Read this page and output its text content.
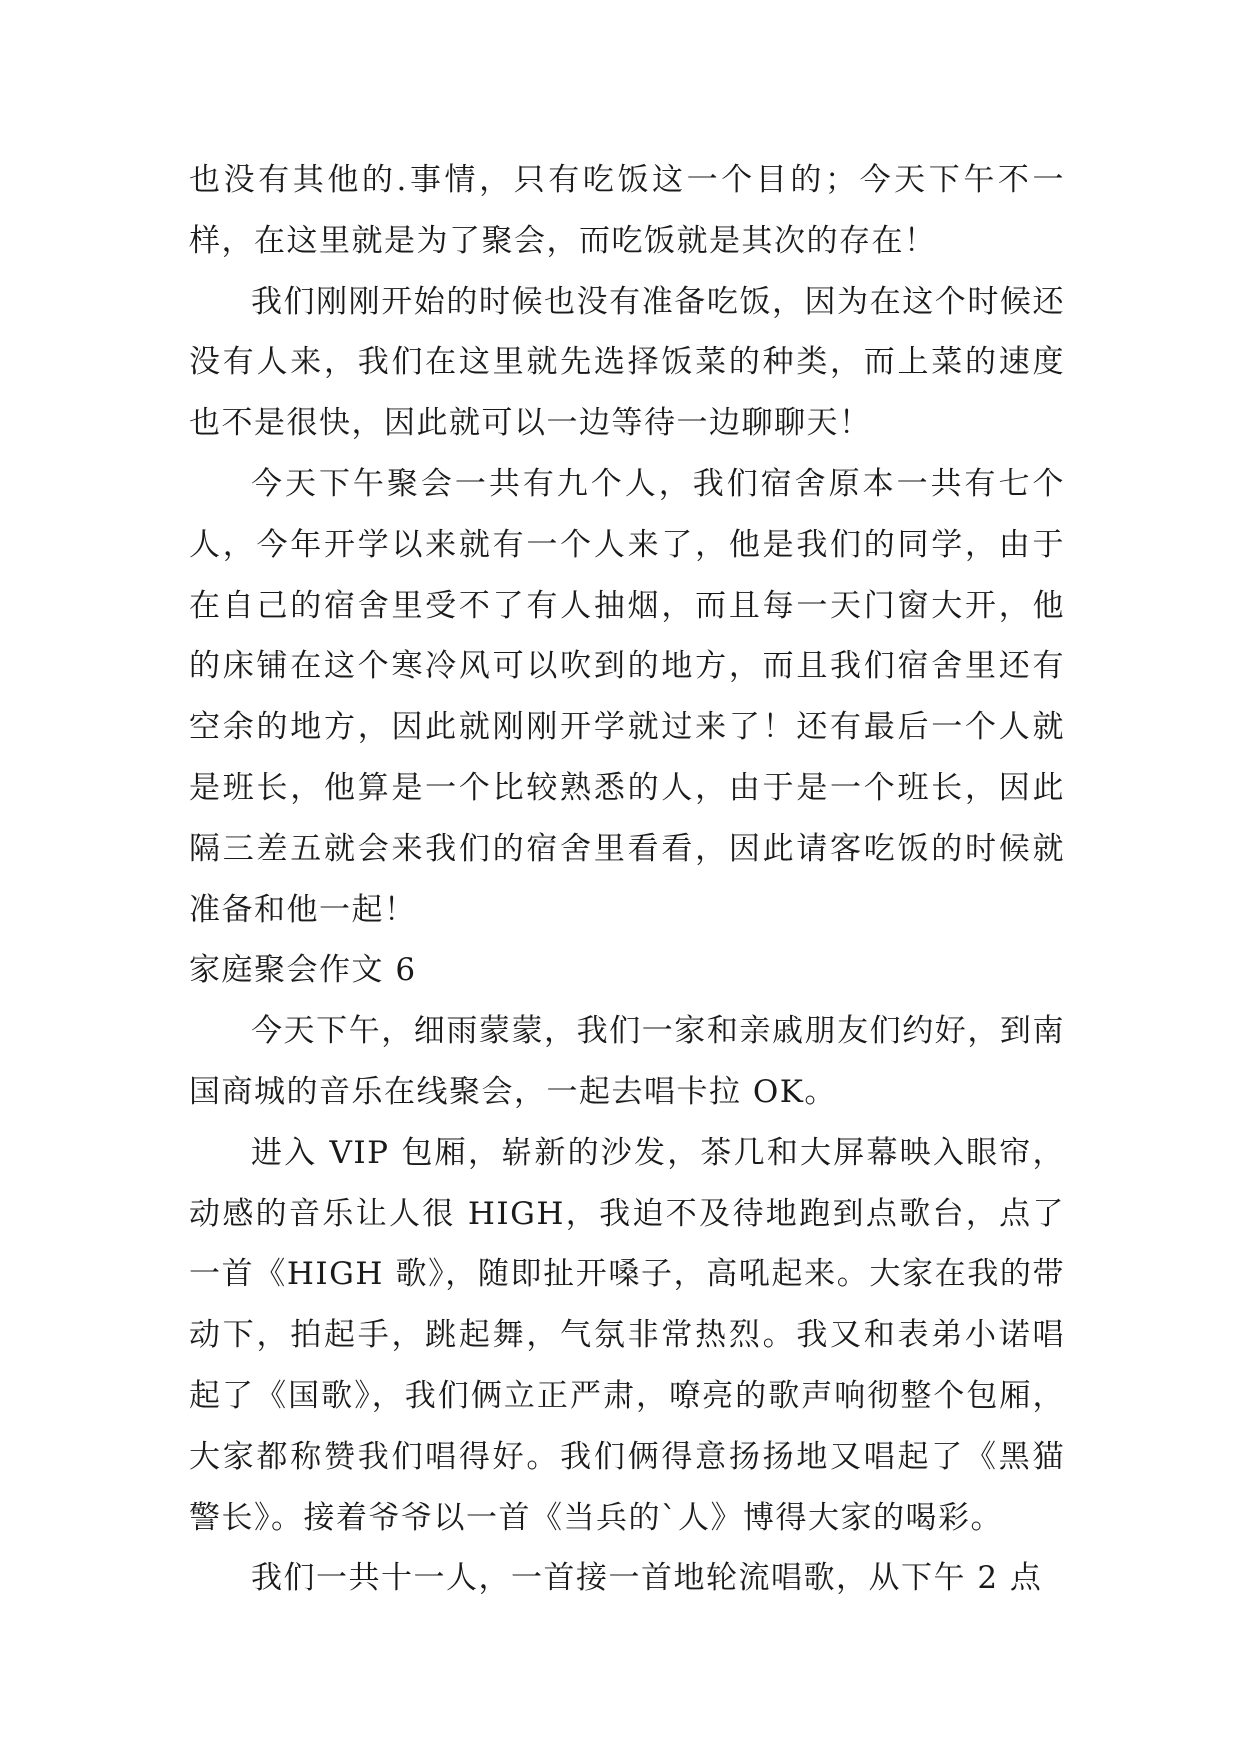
也没有其他的.事情，只有吃饭这一个目的；今天下午不一样，在这里就是为了聚会，而吃饭就是其次的存在！

我们刚刚开始的时候也没有准备吃饭，因为在这个时候还没有人来，我们在这里就先选择饭菜的种类，而上菜的速度也不是很快，因此就可以一边等待一边聊聊天！

今天下午聚会一共有九个人，我们宿舍原本一共有七个人，今年开学以来就有一个人来了，他是我们的同学，由于在自己的宿舍里受不了有人抽烟，而且每一天门窗大开，他的床铺在这个寒冷风可以吹到的地方，而且我们宿舍里还有空余的地方，因此就刚刚开学就过来了！还有最后一个人就是班长，他算是一个比较熟悉的人，由于是一个班长，因此隔三差五就会来我们的宿舍里看看，因此请客吃饭的时候就准备和他一起！

家庭聚会作文 6

今天下午，细雨蒙蒙，我们一家和亲戚朋友们约好，到南国商城的音乐在线聚会，一起去唱卡拉 OK。

进入 VIP 包厢，崭新的沙发，茶几和大屏幕映入眼帘，动感的音乐让人很 HIGH，我迫不及待地跑到点歌台，点了一首《HIGH 歌》，随即扯开嗓子，高吼起来。大家在我的带动下，拍起手，跳起舞，气氛非常热烈。我又和表弟小诺唱起了《国歌》，我们俩立正严肃，嘹亮的歌声响彻整个包厢，大家都称赞我们唱得好。我们俩得意扬扬地又唱起了《黑猫警长》。接着爷爷以一首《当兵的`人》博得大家的喝彩。

我们一共十一人，一首接一首地轮流唱歌，从下午 2 点
